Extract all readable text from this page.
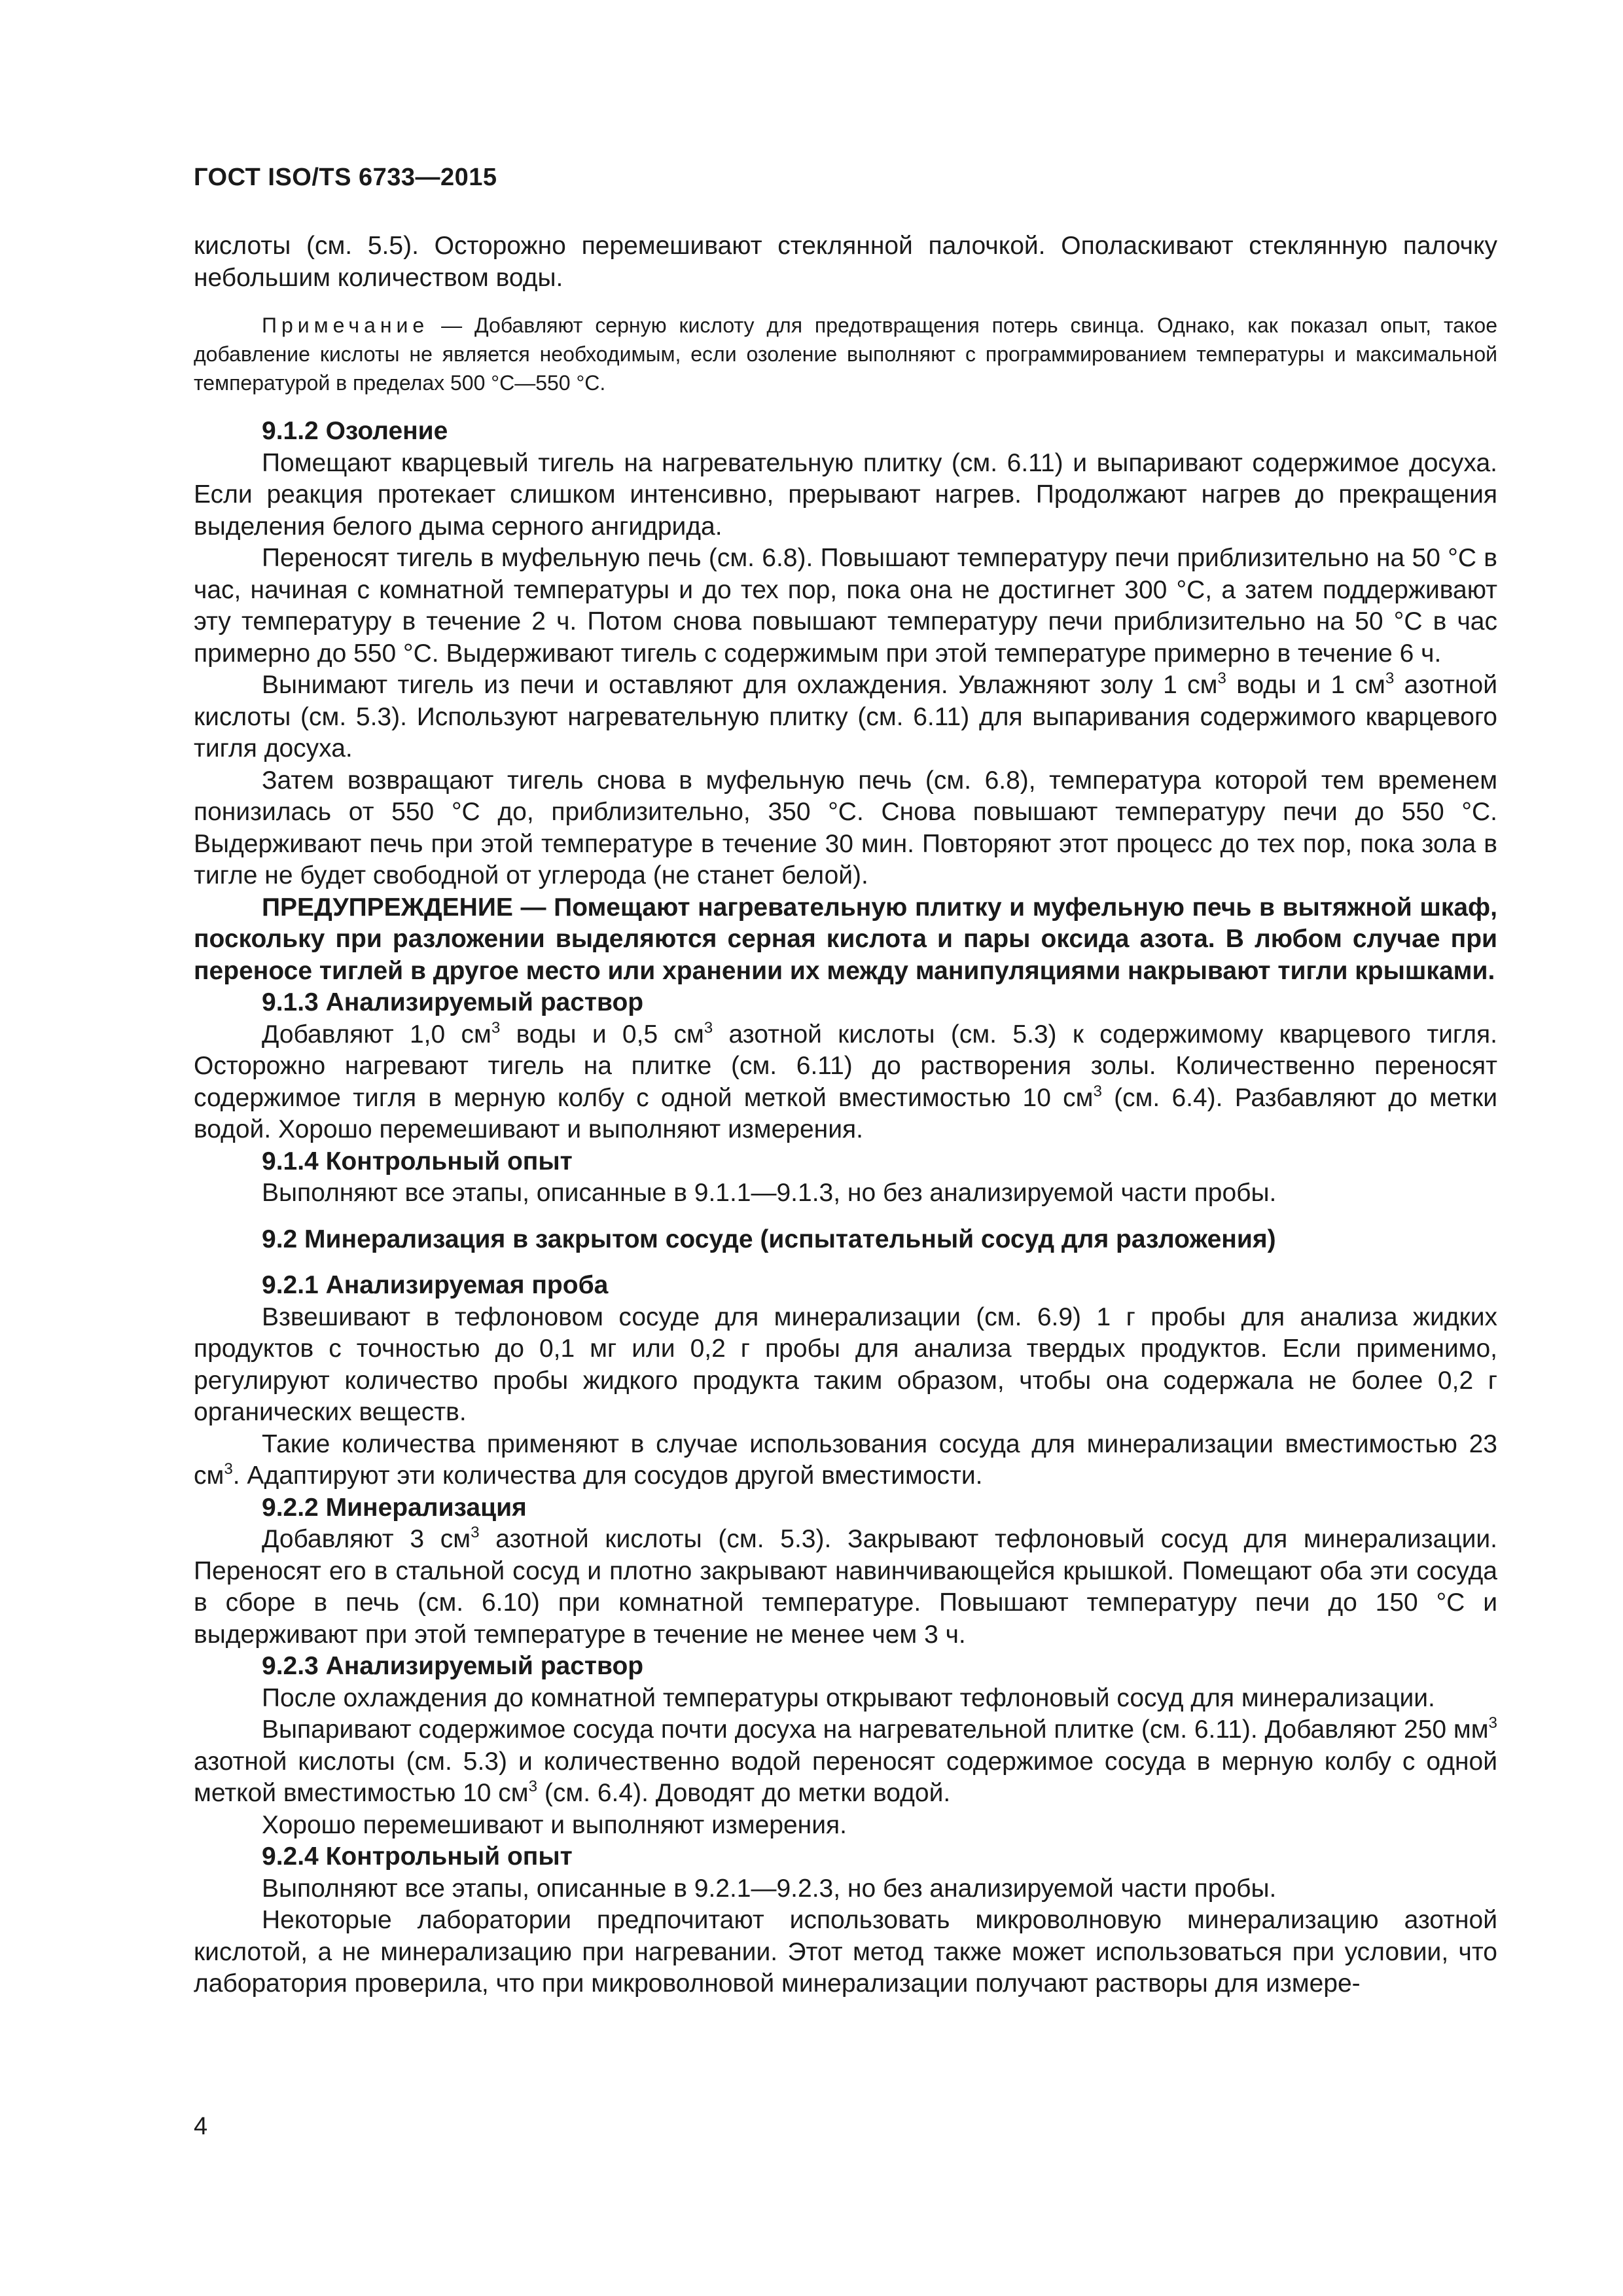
ГОСТ ISO/TS 6733—2015

кислоты (см. 5.5). Осторожно перемешивают стеклянной палочкой. Ополаскивают стеклянную палочку небольшим количеством воды.

Примечание — Добавляют серную кислоту для предотвращения потерь свинца. Однако, как показал опыт, такое добавление кислоты не является необходимым, если озоление выполняют с программированием температуры и максимальной температурой в пределах 500 °С—550 °С.

9.1.2 Озоление

Помещают кварцевый тигель на нагревательную плитку (см. 6.11) и выпаривают содержимое досуха. Если реакция протекает слишком интенсивно, прерывают нагрев. Продолжают нагрев до прекращения выделения белого дыма серного ангидрида.

Переносят тигель в муфельную печь (см. 6.8). Повышают температуру печи приблизительно на 50 °С в час, начиная с комнатной температуры и до тех пор, пока она не достигнет 300 °С, а затем поддерживают эту температуру в течение 2 ч. Потом снова повышают температуру печи приблизительно на 50 °С в час примерно до 550 °С. Выдерживают тигель с содержимым при этой температуре примерно в течение 6 ч.

Вынимают тигель из печи и оставляют для охлаждения. Увлажняют золу 1 $см^3$ воды и 1 $см^3$ азотной кислоты (см. 5.3). Используют нагревательную плитку (см. 6.11) для выпаривания содержимого кварцевого тигля досуха.

Затем возвращают тигель снова в муфельную печь (см. 6.8), температура которой тем временем понизилась от 550 °С до, приблизительно, 350 °С. Снова повышают температуру печи до 550 °С. Выдерживают печь при этой температуре в течение 30 мин. Повторяют этот процесс до тех пор, пока зола в тигле не будет свободной от углерода (не станет белой).

ПРЕДУПРЕЖДЕНИЕ — Помещают нагревательную плитку и муфельную печь в вытяжной шкаф, поскольку при разложении выделяются серная кислота и пары оксида азота. В любом случае при переносе тиглей в другое место или хранении их между манипуляциями накрывают тигли крышками.

9.1.3 Анализируемый раствор

Добавляют 1,0 $см^3$ воды и 0,5 $см^3$ азотной кислоты (см. 5.3) к содержимому кварцевого тигля. Осторожно нагревают тигель на плитке (см. 6.11) до растворения золы. Количественно переносят содержимое тигля в мерную колбу с одной меткой вместимостью 10 $см^3$ (см. 6.4). Разбавляют до метки водой. Хорошо перемешивают и выполняют измерения.

9.1.4 Контрольный опыт

Выполняют все этапы, описанные в 9.1.1—9.1.3, но без анализируемой части пробы.

9.2 Минерализация в закрытом сосуде (испытательный сосуд для разложения)

9.2.1 Анализируемая проба

Взвешивают в тефлоновом сосуде для минерализации (см. 6.9) 1 г пробы для анализа жидких продуктов с точностью до 0,1 мг или 0,2 г пробы для анализа твердых продуктов. Если применимо, регулируют количество пробы жидкого продукта таким образом, чтобы она содержала не более 0,2 г органических веществ.

Такие количества применяют в случае использования сосуда для минерализации вместимостью 23 $см^3$. Адаптируют эти количества для сосудов другой вместимости.

9.2.2 Минерализация

Добавляют 3 $см^3$ азотной кислоты (см. 5.3). Закрывают тефлоновый сосуд для минерализации. Переносят его в стальной сосуд и плотно закрывают навинчивающейся крышкой. Помещают оба эти сосуда в сборе в печь (см. 6.10) при комнатной температуре. Повышают температуру печи до 150 °С и выдерживают при этой температуре в течение не менее чем 3 ч.

9.2.3 Анализируемый раствор

После охлаждения до комнатной температуры открывают тефлоновый сосуд для минерализации.

Выпаривают содержимое сосуда почти досуха на нагревательной плитке (см. 6.11). Добавляют 250 $мм^3$ азотной кислоты (см. 5.3) и количественно водой переносят содержимое сосуда в мерную колбу с одной меткой вместимостью 10 $см^3$ (см. 6.4). Доводят до метки водой.

Хорошо перемешивают и выполняют измерения.

9.2.4 Контрольный опыт

Выполняют все этапы, описанные в 9.2.1—9.2.3, но без анализируемой части пробы.

Некоторые лаборатории предпочитают использовать микроволновую минерализацию азотной кислотой, а не минерализацию при нагревании. Этот метод также может использоваться при условии, что лаборатория проверила, что при микроволновой минерализации получают растворы для измере-

4
